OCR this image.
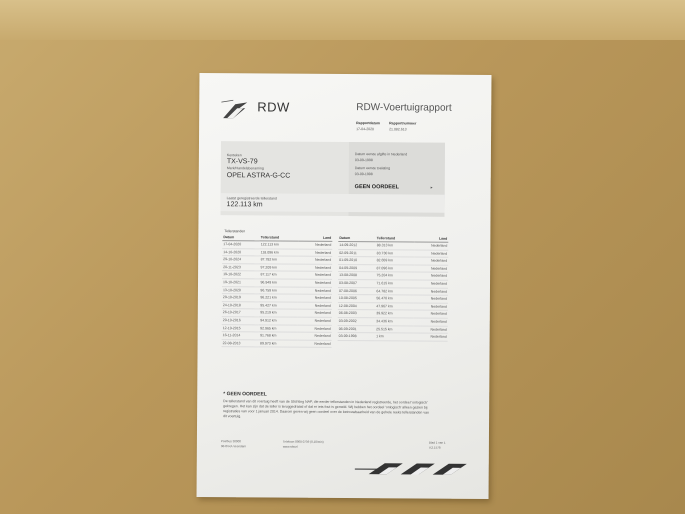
RDW	RDW-Voertuigrapport
Rapportdatum
17-04-2020
Rapportnummer
21.082.613
Kenteken
TX-VS-79
Merk/Handelsbenaming
OPEL ASTRA-G-CC
Datum eerste afgifte in Nederland
03-09-1998
Datum eerste toelating
03-09-1998
GEEN OORDEEL	▸
Laatst geregistreerde tellerstand
122.113 km
Tellerstanden
Datum	Tellerstand	Land
17-04-2020	122.113 km	Nederland
14-10-2020	118.096 km	Nederland
29-10-2024	87.782 km	Nederland
20-11-2023	97.209 km	Nederland
19-10-2022	87.117 km	Nederland
19-10-2021	96.949 km	Nederland
13-10-2020	96.759 km	Nederland
29-10-2019	96.221 km	Nederland
24-10-2018	95.427 km	Nederland
26-10-2017	95.219 km	Nederland
20-10-2016	94.912 km	Nederland
12-10-2015	92.965 km	Nederland
16-11-2014	91.768 km	Nederland
22-08-2013	89.973 km	Nederland
Datum	Tellerstand	Land
14-09-2012	88.313 km	Nederland
02-09-2011	83.730 km	Nederland
01-09-2010	82.659 km	Nederland
04-09-2009	87.096 km	Nederland
13-08-2008	75.204 km	Nederland
03-08-2007	71.615 km	Nederland
07-08-2006	64.782 km	Nederland
10-08-2005	56.470 km	Nederland
12-08-2004	47.967 km	Nederland
06-08-2003	39.922 km	Nederland
03-09-2002	34.436 km	Nederland
06-09-2001	25.515 km	Nederland
03-09-1998	1 km	Nederland
* GEEN OORDEEL
De tellerstand van dit voertuig heeft van de Stichting NAP, die eerder tellerstanden in Nederland registreerde, het oordeel 'onlogisch' gekregen. Het kan zijn dat de teller is teruggedraaid of dat er iets fout is gemeld. Wij hebben het oordeel 'onlogisch' alleen gezien bij registraties van voor 1 januari 2014. Daarom geven wij geen oordeel over de betrouwbaarheid van de gehele reeks tellerstanden van dit voertuig.
Postbus 30000
9640 RA Veendam
Telefoon 0900 0739 (0,10/min)
www.rdw.nl
Blad 1 van 1
V.2.1578
